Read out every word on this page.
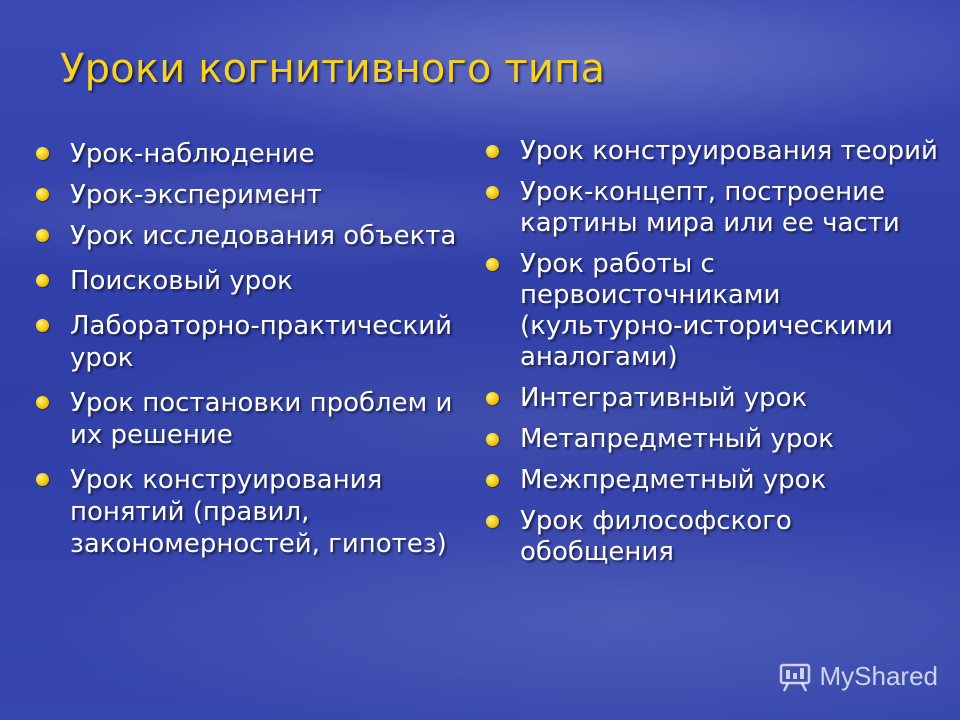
Уроки когнитивного типа
Урок-наблюдение
Урок-эксперимент
Урок исследования объекта
Поисковый урок
Лабораторно-практический урок
Урок постановки проблем и их решение
Урок конструирования понятий (правил, закономерностей, гипотез)
Урок конструирования теорий
Урок-концепт, построение картины мира или ее части
Урок работы с первоисточниками (культурно-историческими аналогами)
Интегративный урок
Метапредметный урок
Межпредметный урок
Урок философского обобщения
MyShared
